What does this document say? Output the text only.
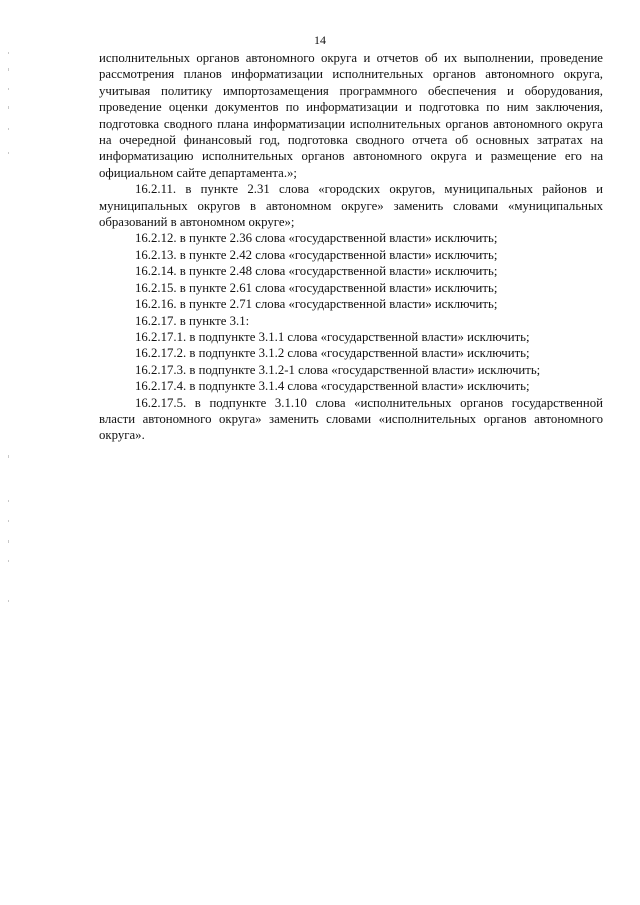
14

исполнительных органов автономного округа и отчетов об их выполнении, проведение рассмотрения планов информатизации исполнительных органов автономного округа, учитывая политику импортозамещения программного обеспечения и оборудования, проведение оценки документов по информатизации и подготовка по ним заключения, подготовка сводного плана информатизации исполнительных органов автономного округа на очередной финансовый год, подготовка сводного отчета об основных затратах на информатизацию исполнительных органов автономного округа и размещение его на официальном сайте департамента.»;

16.2.11. в пункте 2.31 слова «городских округов, муниципальных районов и муниципальных округов в автономном округе» заменить словами «муниципальных образований в автономном округе»;

16.2.12. в пункте 2.36 слова «государственной власти» исключить;

16.2.13. в пункте 2.42 слова «государственной власти» исключить;

16.2.14. в пункте 2.48 слова «государственной власти» исключить;

16.2.15. в пункте 2.61 слова «государственной власти» исключить;

16.2.16. в пункте 2.71 слова «государственной власти» исключить;

16.2.17. в пункте 3.1:

16.2.17.1. в подпункте 3.1.1 слова «государственной власти» исключить;

16.2.17.2. в подпункте 3.1.2 слова «государственной власти» исключить;

16.2.17.3. в подпункте 3.1.2-1 слова «государственной власти» исключить;

16.2.17.4. в подпункте 3.1.4 слова «государственной власти» исключить;

16.2.17.5. в подпункте 3.1.10 слова «исполнительных органов государственной власти автономного округа» заменить словами «исполнительных органов автономного округа».
